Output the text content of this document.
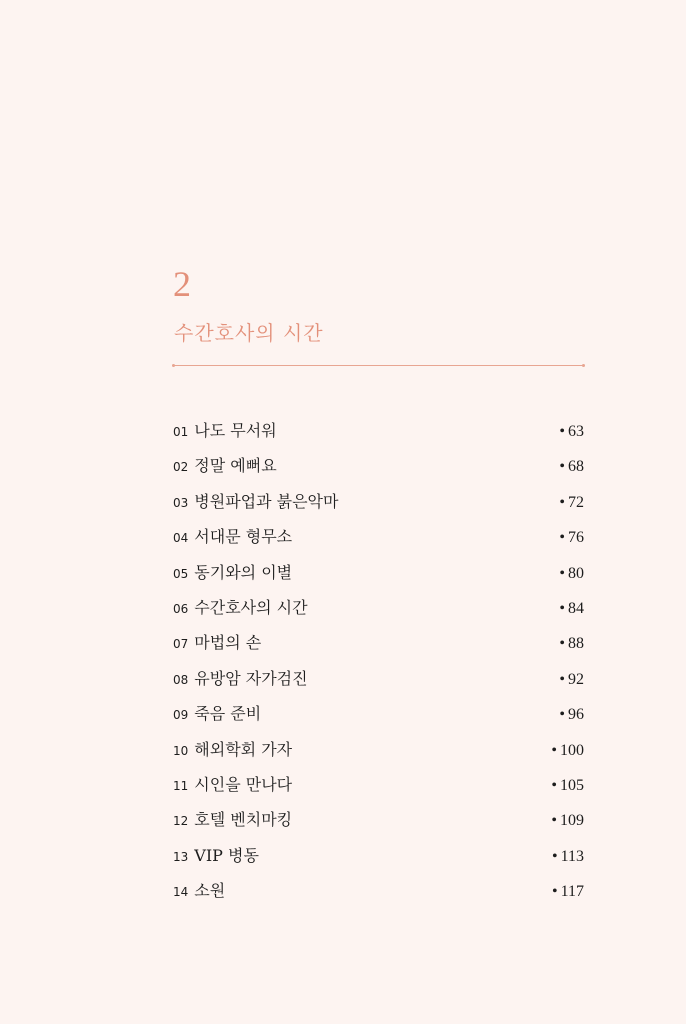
2
수간호사의 시간
01 나도 무서워	• 63
02 정말 예뻐요	• 68
03 병원파업과 붉은악마	• 72
04 서대문 형무소	• 76
05 동기와의 이별	• 80
06 수간호사의 시간	• 84
07 마법의 손	• 88
08 유방암 자가검진	• 92
09 죽음 준비	• 96
10 해외학회 가자	• 100
11 시인을 만나다	• 105
12 호텔 벤치마킹	• 109
13 VIP 병동	• 113
14 소원	• 117
